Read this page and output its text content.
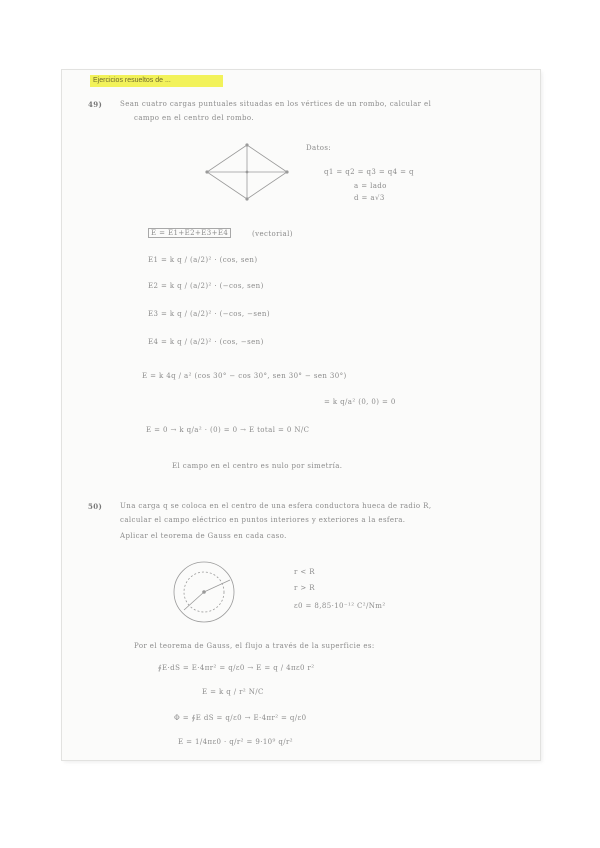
Ejercicios resueltos de ...
49)	Sean cuatro cargas puntuales situadas en los vértices de un rombo, calcular el
campo en el centro del rombo.
Datos:
q1 = q2 = q3 = q4 = q
a = lado
d = a√3
E = E1+E2+E3+E4	(vectorial)
E1 = k q / (a/2)² · (cos, sen)
E2 = k q / (a/2)² · (−cos, sen)
E3 = k q / (a/2)² · (−cos, −sen)
E4 = k q / (a/2)² · (cos, −sen)
E = k 4q / a² (cos 30° − cos 30°, sen 30° − sen 30°)
= k q/a² (0, 0) = 0
E = 0 → k q/a² · (0) = 0 → E total = 0 N/C
El campo en el centro es nulo por simetría.
50)	Una carga q se coloca en el centro de una esfera conductora hueca de radio R,
calcular el campo eléctrico en puntos interiores y exteriores a la esfera.
Aplicar el teorema de Gauss en cada caso.
r < R
r > R
ε0 = 8,85·10⁻¹² C²/Nm²
Por el teorema de Gauss, el flujo a través de la superficie es:
∮E·dS = E·4πr² = q/ε0 → E = q / 4πε0 r²
E = k q / r² N/C
Φ = ∮E dS = q/ε0 → E·4πr² = q/ε0
E = 1/4πε0 · q/r² = 9·10⁹ q/r²
